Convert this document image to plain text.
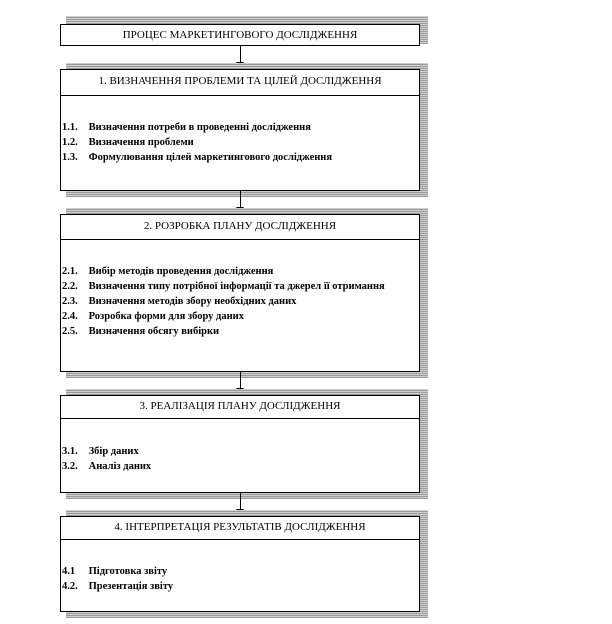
ПРОЦЕС МАРКЕТИНГОВОГО ДОСЛІДЖЕННЯ
1. ВИЗНАЧЕННЯ ПРОБЛЕМИ ТА ЦІЛЕЙ ДОСЛІДЖЕННЯ
1.1. Визначення потреби в проведенні дослідження
1.2. Визначення проблеми
1.3. Формулювання цілей маркетингового дослідження
2. РОЗРОБКА ПЛАНУ ДОСЛІДЖЕННЯ
2.1. Вибір методів проведення дослідження
2.2. Визначення типу потрібної інформації та джерел її отримання
2.3. Визначення методів збору необхідних даних
2.4. Розробка форми для збору даних
2.5. Визначення обсягу вибірки
3. РЕАЛІЗАЦІЯ ПЛАНУ ДОСЛІДЖЕННЯ
3.1. Збір даних
3.2. Аналіз даних
4. ІНТЕРПРЕТАЦІЯ РЕЗУЛЬТАТІВ ДОСЛІДЖЕННЯ
4.1 Підготовка звіту
4.2. Презентація звіту
